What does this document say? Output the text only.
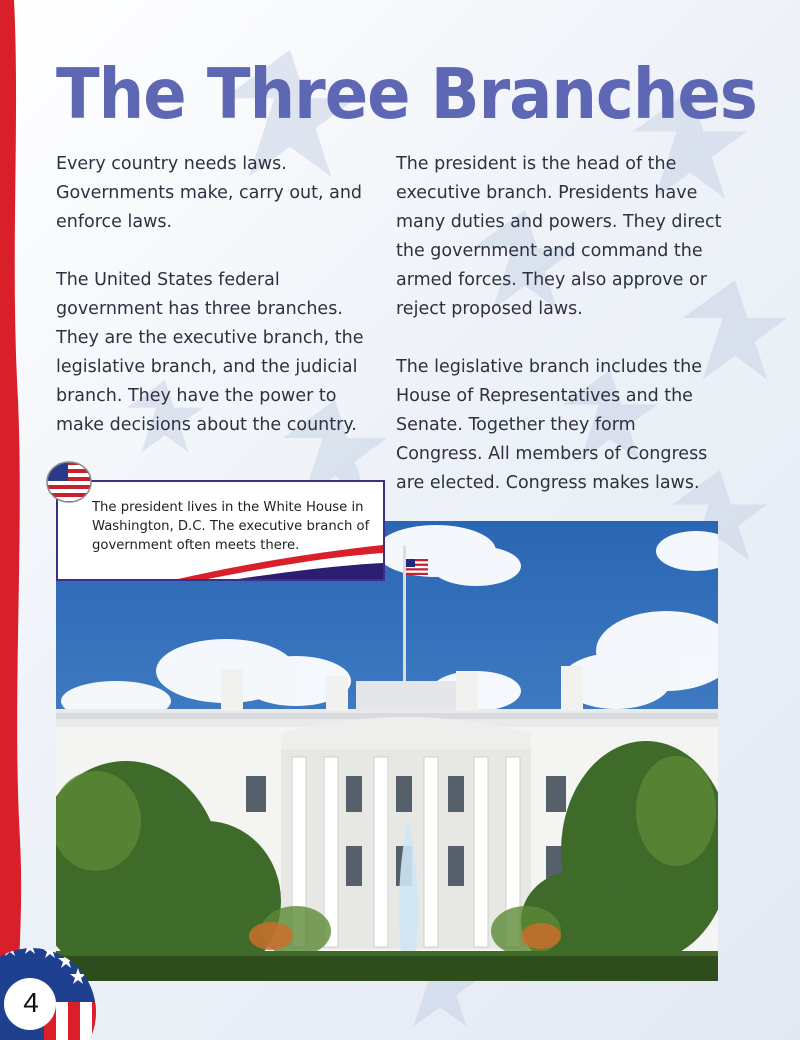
The Three Branches

Every country needs laws. Governments make, carry out, and enforce laws.

The United States federal government has three branches. They are the executive branch, the legislative branch, and the judicial branch. They have the power to make decisions about the country.

The president is the head of the executive branch. Presidents have many duties and powers. They direct the government and command the armed forces. They also approve or reject proposed laws.

The legislative branch includes the House of Representatives and the Senate. Together they form Congress. All members of Congress are elected. Congress makes laws.

The president lives in the White House in Washington, D.C. The executive branch of government often meets there.
4
